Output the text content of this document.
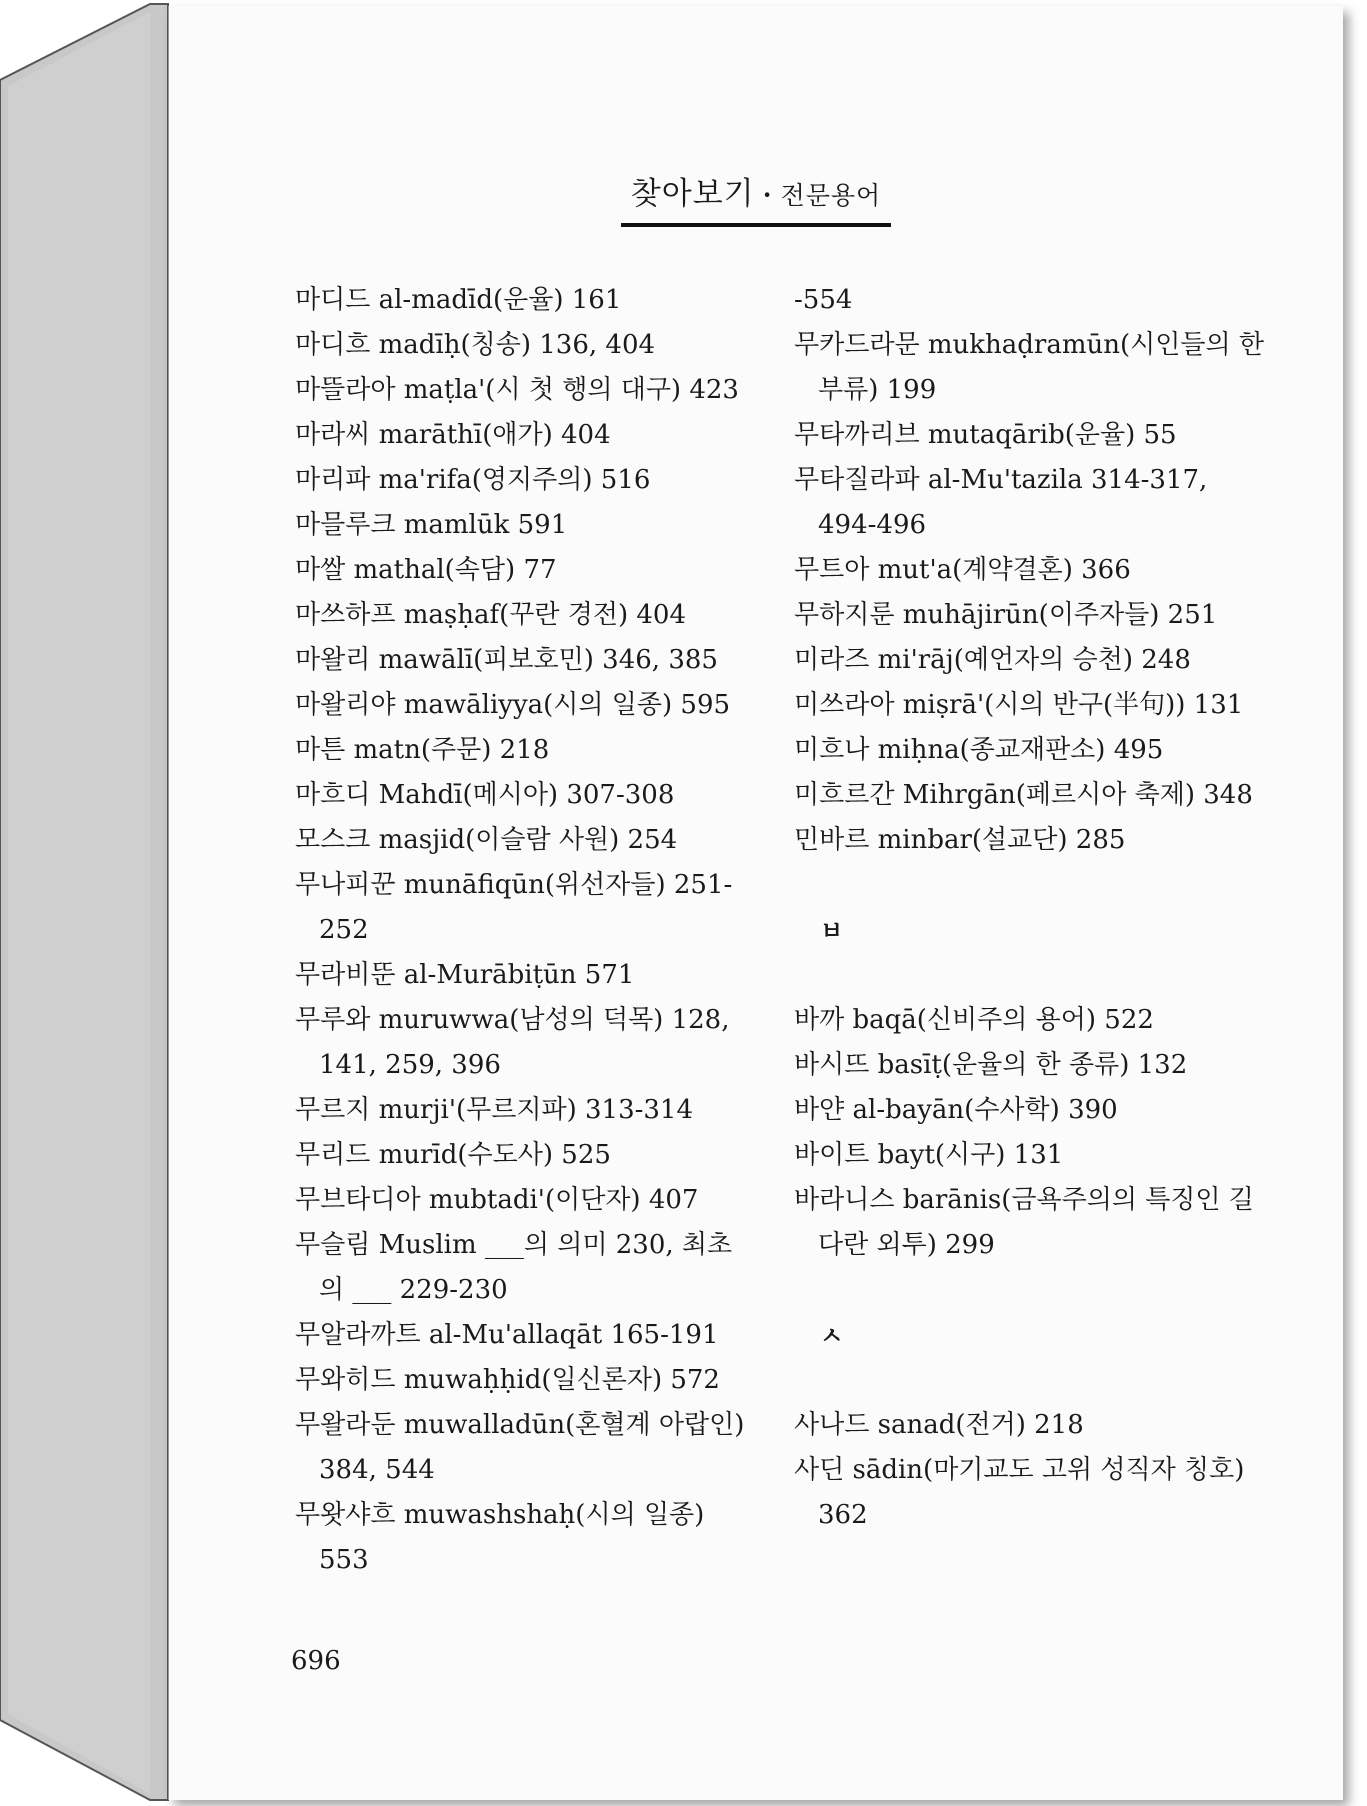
찾아보기・전문용어
마디드 al-madīd(운율) 161
마디흐 madīḥ(칭송) 136, 404
마뜰라아 maṭla'(시 첫 행의 대구) 423
마라씨 marāthī(애가) 404
마리파 ma'rifa(영지주의) 516
마믈루크 mamlūk 591
마쌀 mathal(속담) 77
마쓰하프 maṣḥaf(꾸란 경전) 404
마왈리 mawālī(피보호민) 346, 385
마왈리야 mawāliyya(시의 일종) 595
마튼 matn(주문) 218
마흐디 Mahdī(메시아) 307-308
모스크 masjid(이슬람 사원) 254
무나피꾼 munāfiqūn(위선자들) 251-252
무라비뚠 al-Murābiṭūn 571
무루와 muruwwa(남성의 덕목) 128, 141, 259, 396
무르지 murji'(무르지파) 313-314
무리드 murīd(수도사) 525
무브타디아 mubtadi'(이단자) 407
무슬림 Muslim ___의 의미 230, 최초의 ___ 229-230
무알라까트 al-Mu'allaqāt 165-191
무와히드 muwaḥḥid(일신론자) 572
무왈라둔 muwalladūn(혼혈계 아랍인) 384, 544
무왓샤흐 muwashshaḥ(시의 일종) 553
-554
무카드라문 mukhaḍramūn(시인들의 한 부류) 199
무타까리브 mutaqārib(운율) 55
무타질라파 al-Mu'tazila 314-317, 494-496
무트아 mut'a(계약결혼) 366
무하지룬 muhājirūn(이주자들) 251
미라즈 mi'rāj(예언자의 승천) 248
미쓰라아 miṣrā'(시의 반구(半句)) 131
미흐나 miḥna(종교재판소) 495
미흐르간 Mihrgān(페르시아 축제) 348
민바르 minbar(설교단) 285
ㅂ
바까 baqā(신비주의 용어) 522
바시뜨 basīṭ(운율의 한 종류) 132
바얀 al-bayān(수사학) 390
바이트 bayt(시구) 131
바라니스 barānis(금욕주의의 특징인 길다란 외투) 299
ㅅ
사나드 sanad(전거) 218
사딘 sādin(마기교도 고위 성직자 칭호) 362
696
